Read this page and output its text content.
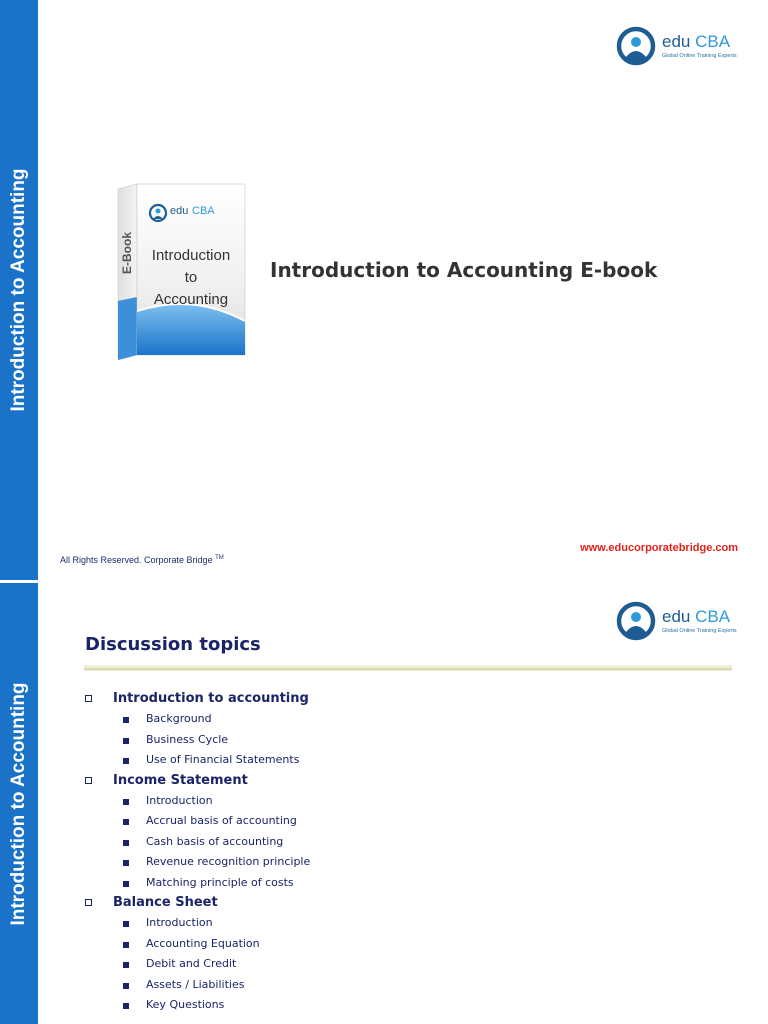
Introduction to Accounting
edu CBA
Global Online Training Experts
edu CBA
Introduction
to
Accounting
E-Book	Introduction to Accounting E-book
All Rights Reserved. Corporate Bridge ™
www.educorporatebridge.com
Introduction to Accounting
edu CBA
Global Online Training Experts
Discussion topics
Introduction to accounting
Background
Business Cycle
Use of Financial Statements
Income Statement
Introduction
Accrual basis of accounting
Cash basis of accounting
Revenue recognition principle
Matching principle of costs
Balance Sheet
Introduction
Accounting Equation
Debit and Credit
Assets / Liabilities
Key Questions
